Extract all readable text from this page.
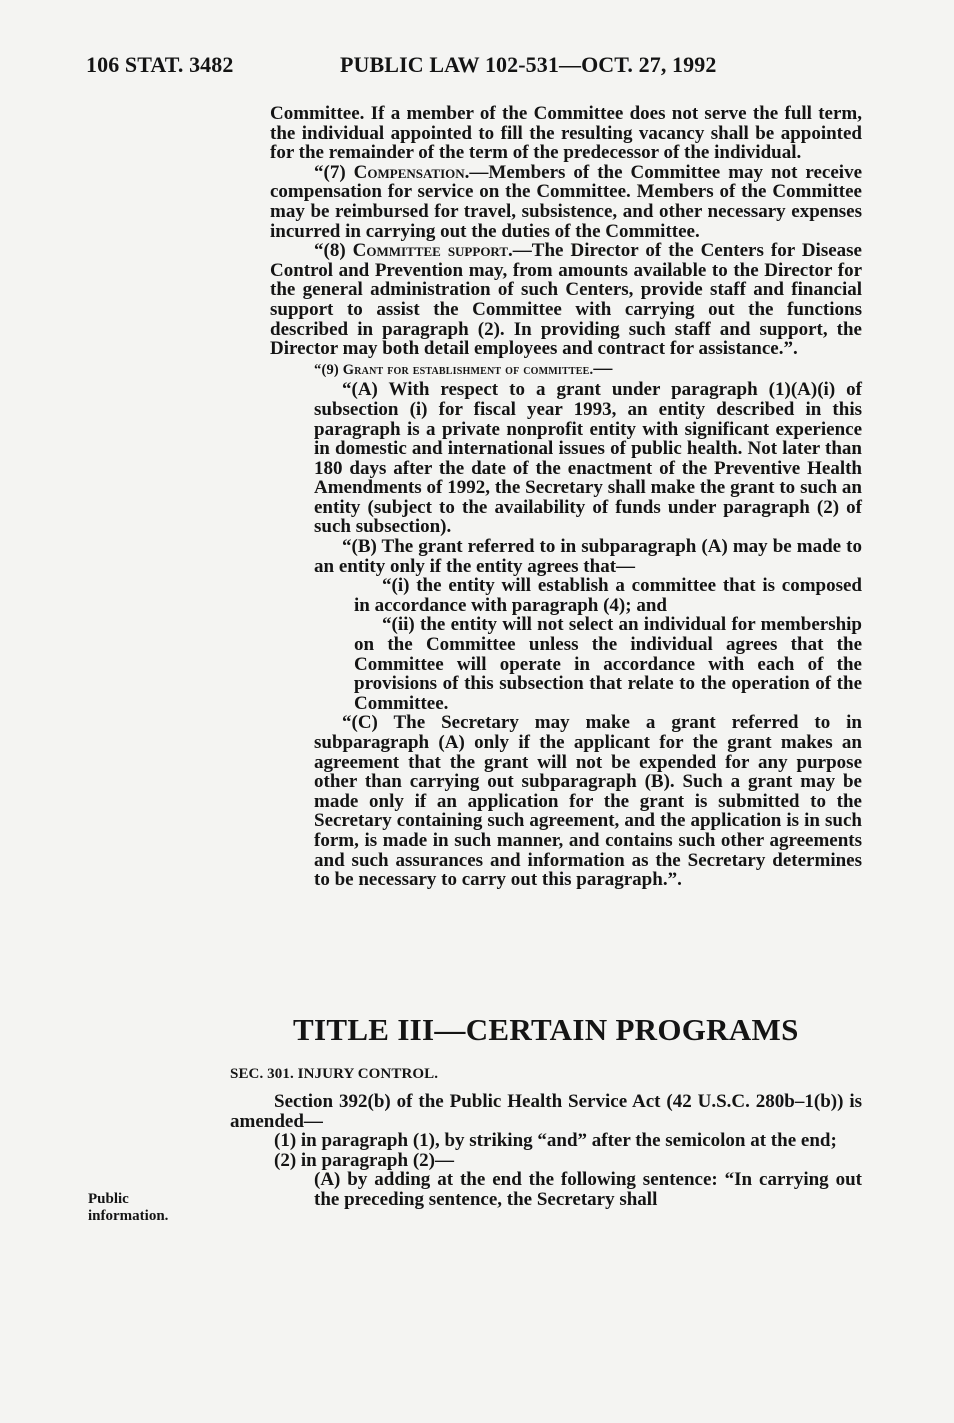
106 STAT. 3482	PUBLIC LAW 102-531—OCT. 27, 1992

Committee. If a member of the Committee does not serve the full term, the individual appointed to fill the resulting vacancy shall be appointed for the remainder of the term of the predecessor of the individual.

“(7) Compensation.—Members of the Committee may not receive compensation for service on the Committee. Members of the Committee may be reimbursed for travel, subsistence, and other necessary expenses incurred in carrying out the duties of the Committee.

“(8) Committee support.—The Director of the Centers for Disease Control and Prevention may, from amounts available to the Director for the general administration of such Centers, provide staff and financial support to assist the Committee with carrying out the functions described in paragraph (2). In providing such staff and support, the Director may both detail employees and contract for assistance.”.

“(9) Grant for establishment of committee.—

“(A) With respect to a grant under paragraph (1)(A)(i) of subsection (i) for fiscal year 1993, an entity described in this paragraph is a private nonprofit entity with significant experience in domestic and international issues of public health. Not later than 180 days after the date of the enactment of the Preventive Health Amendments of 1992, the Secretary shall make the grant to such an entity (subject to the availability of funds under paragraph (2) of such subsection).

“(B) The grant referred to in subparagraph (A) may be made to an entity only if the entity agrees that—

“(i) the entity will establish a committee that is composed in accordance with paragraph (4); and

“(ii) the entity will not select an individual for membership on the Committee unless the individual agrees that the Committee will operate in accordance with each of the provisions of this subsection that relate to the operation of the Committee.

“(C) The Secretary may make a grant referred to in subparagraph (A) only if the applicant for the grant makes an agreement that the grant will not be expended for any purpose other than carrying out subparagraph (B). Such a grant may be made only if an application for the grant is submitted to the Secretary containing such agreement, and the application is in such form, is made in such manner, and contains such other agreements and such assurances and information as the Secretary determines to be necessary to carry out this paragraph.”.

TITLE III—CERTAIN PROGRAMS
SEC. 301. INJURY CONTROL.

Section 392(b) of the Public Health Service Act (42 U.S.C. 280b–1(b)) is amended—

(1) in paragraph (1), by striking “and” after the semicolon at the end;

(2) in paragraph (2)—

(A) by adding at the end the following sentence: “In carrying out the preceding sentence, the Secretary shall

Public
information.
